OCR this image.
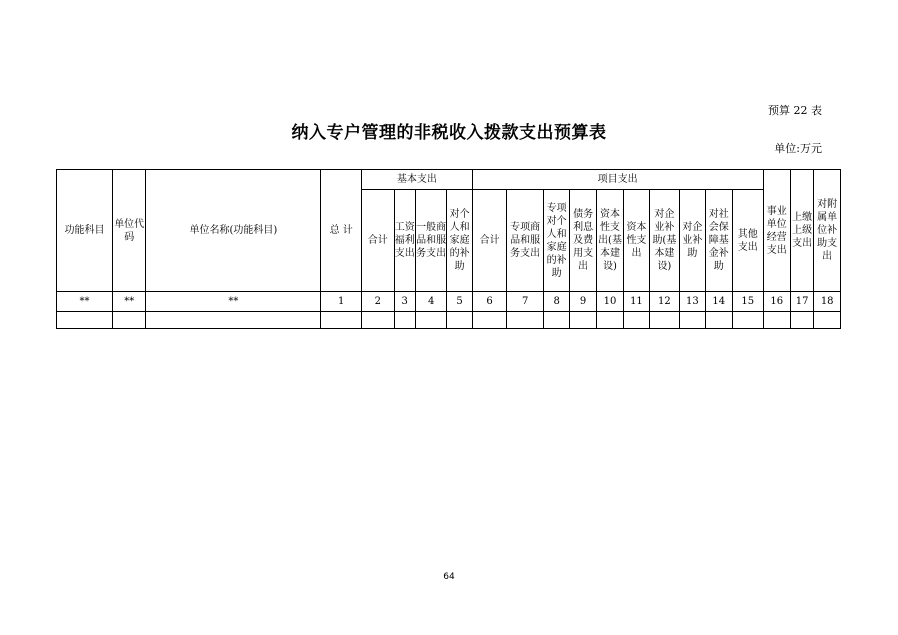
预算 22 表
纳入专户管理的非税收入拨款支出预算表
单位:万元
功能科目	单位代码	单位名称(功能科目)	总 计	基本支出				项目支出										事业单位经营支出	上缴上级支出	对附属单位补助支出
				合计	工资福利支出	一般商品和服务支出	对个人和家庭的补助	合计	专项商品和服务支出	专项对个人和家庭的补助	债务利息及费用支出	资本性支出(基本建设)	资本性支出	对企业补助(基本建设)	对企业补助	对社会保障基金补助	其他支出			
**	**	**	1	2	3	4	5	6	7	8	9	10	11	12	13	14	15	16	17	18

64
